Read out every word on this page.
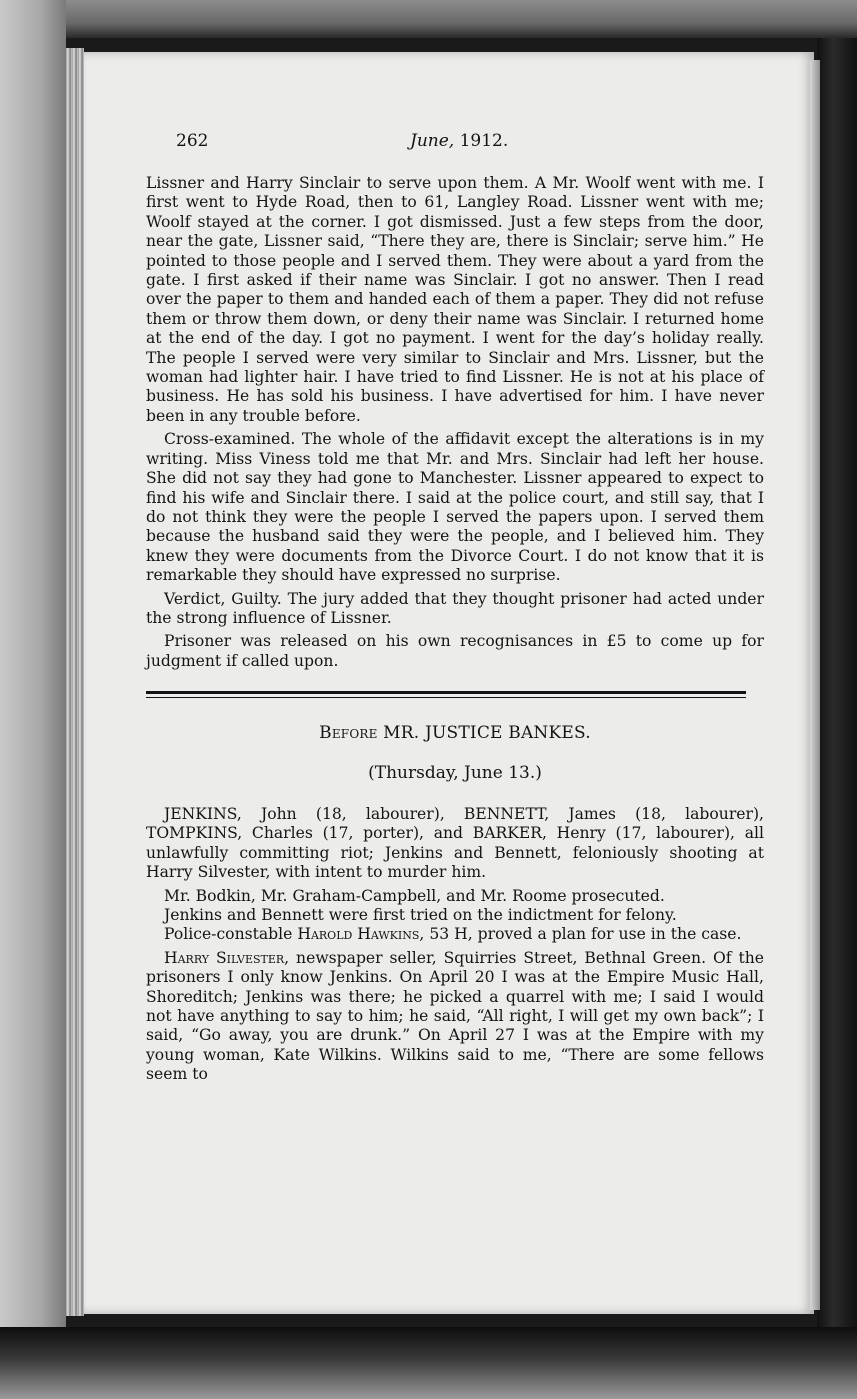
262	June, 1912.

Lissner and Harry Sinclair to serve upon them. A Mr. Woolf went with me. I first went to Hyde Road, then to 61, Langley Road. Lissner went with me; Woolf stayed at the corner. I got dismissed. Just a few steps from the door, near the gate, Lissner said, “There they are, there is Sinclair; serve him.” He pointed to those people and I served them. They were about a yard from the gate. I first asked if their name was Sinclair. I got no answer. Then I read over the paper to them and handed each of them a paper. They did not refuse them or throw them down, or deny their name was Sinclair. I returned home at the end of the day. I got no payment. I went for the day’s holiday really. The people I served were very similar to Sinclair and Mrs. Lissner, but the woman had lighter hair. I have tried to find Lissner. He is not at his place of business. He has sold his business. I have advertised for him. I have never been in any trouble before.

Cross-examined. The whole of the affidavit except the alterations is in my writing. Miss Viness told me that Mr. and Mrs. Sinclair had left her house. She did not say they had gone to Manchester. Lissner appeared to expect to find his wife and Sinclair there. I said at the police court, and still say, that I do not think they were the people I served the papers upon. I served them because the husband said they were the people, and I believed him. They knew they were documents from the Divorce Court. I do not know that it is remarkable they should have expressed no surprise.

Verdict, Guilty. The jury added that they thought prisoner had acted under the strong influence of Lissner.

Prisoner was released on his own recognisances in £5 to come up for judgment if called upon.

Before MR. JUSTICE BANKES.
(Thursday, June 13.)

JENKINS, John (18, labourer), BENNETT, James (18, labourer), TOMPKINS, Charles (17, porter), and BARKER, Henry (17, labourer), all unlawfully committing riot; Jenkins and Bennett, feloniously shooting at Harry Silvester, with intent to murder him.

Mr. Bodkin, Mr. Graham-Campbell, and Mr. Roome prosecuted.

Jenkins and Bennett were first tried on the indictment for felony.

Police-constable Harold Hawkins, 53 H, proved a plan for use in the case.

Harry Silvester, newspaper seller, Squirries Street, Bethnal Green. Of the prisoners I only know Jenkins. On April 20 I was at the Empire Music Hall, Shoreditch; Jenkins was there; he picked a quarrel with me; I said I would not have anything to say to him; he said, “All right, I will get my own back”; I said, “Go away, you are drunk.” On April 27 I was at the Empire with my young woman, Kate Wilkins. Wilkins said to me, “There are some fellows seem to
